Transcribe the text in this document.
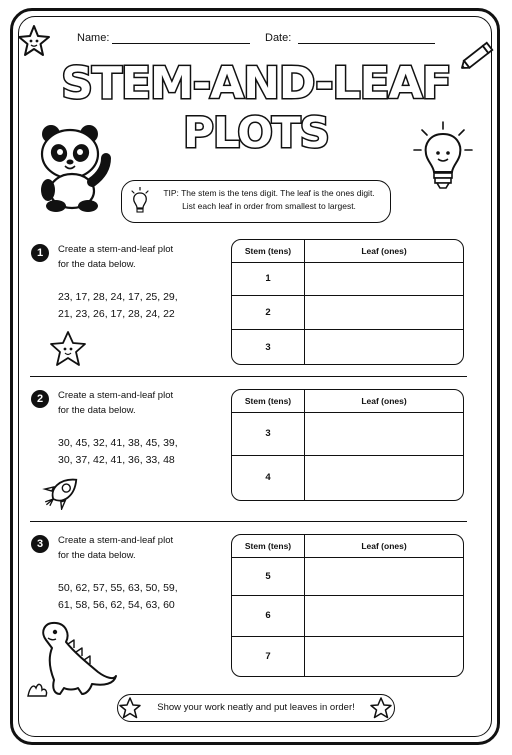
Name:	Date:
STEM-AND-LEAF
PLOTS
TIP: The stem is the tens digit. The leaf is the ones digit.
List each leaf in order from smallest to largest.
1	Create a stem-and-leaf plot
for the data below.
23, 17, 28, 24, 17, 25, 29,
21, 23, 26, 17, 28, 24, 22
Stem (tens)	Leaf (ones)
1	
2	
3	
2	Create a stem-and-leaf plot
for the data below.
30, 45, 32, 41, 38, 45, 39,
30, 37, 42, 41, 36, 33, 48
Stem (tens)	Leaf (ones)
3	
4	
3	Create a stem-and-leaf plot
for the data below.
50, 62, 57, 55, 63, 50, 59,
61, 58, 56, 62, 54, 63, 60
Stem (tens)	Leaf (ones)
5	
6	
7	
Show your work neatly and put leaves in order!
